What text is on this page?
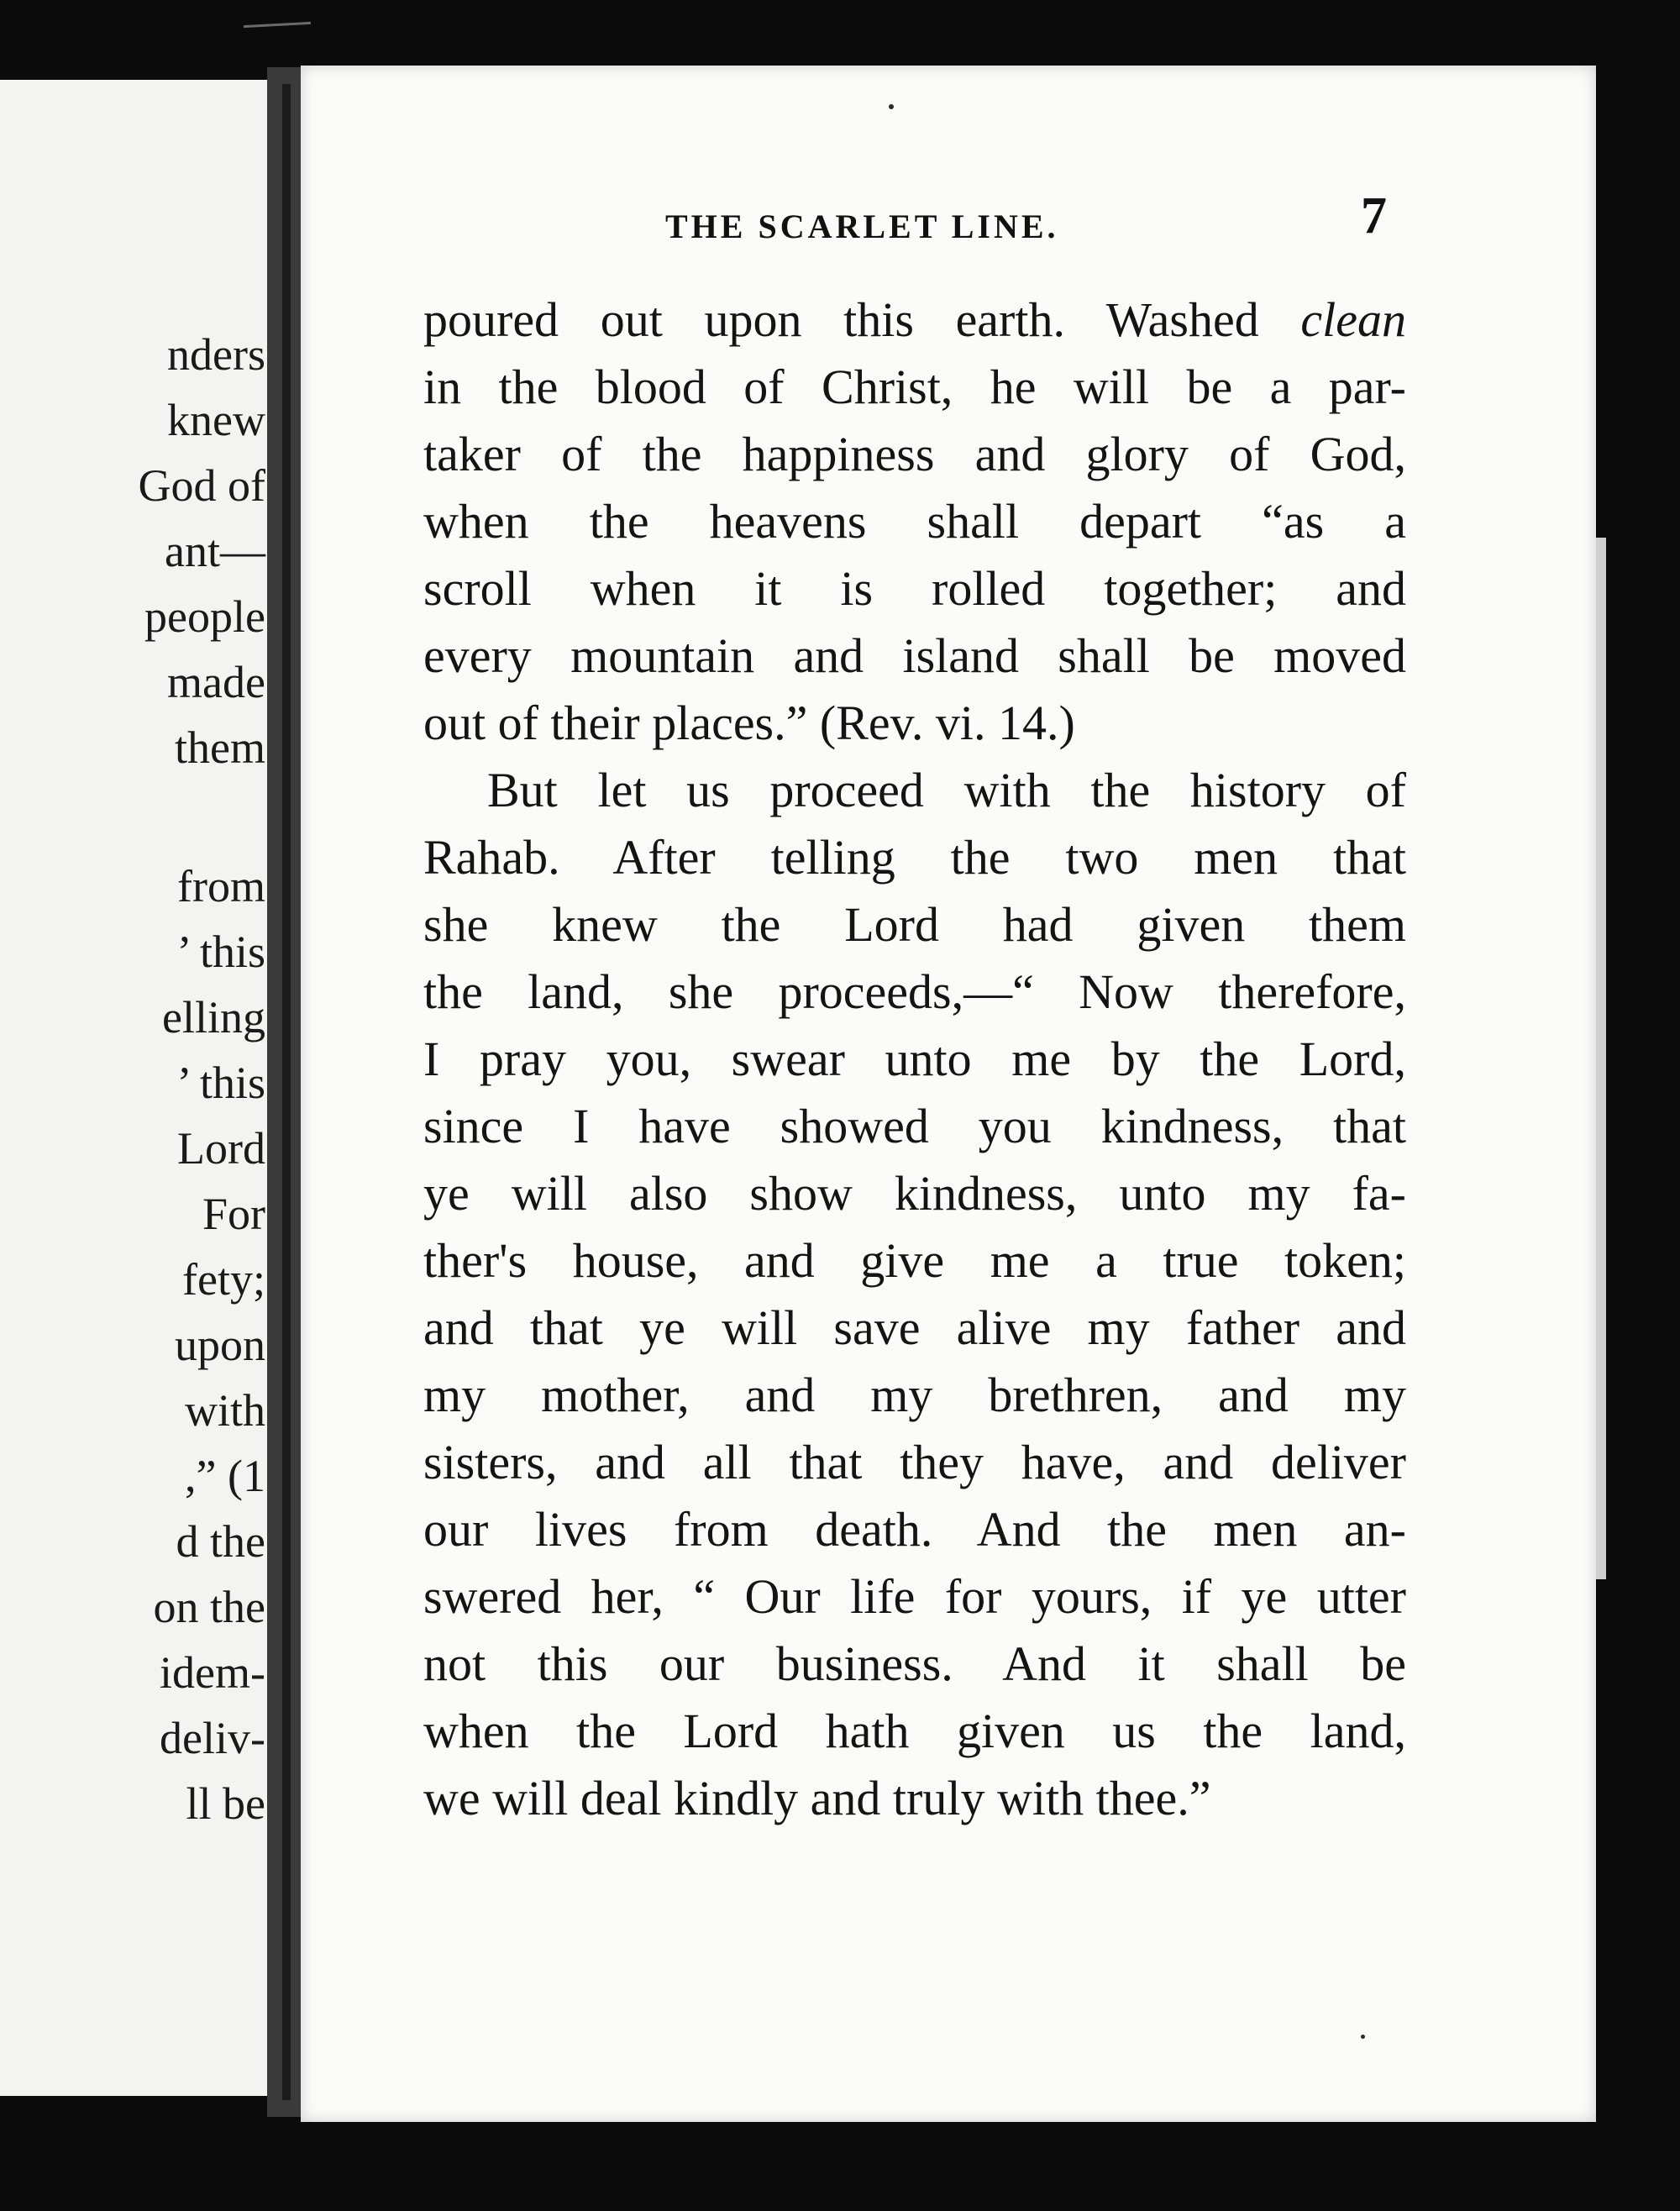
nders
knew
God of
ant—
people
made
them
from
’ this
elling
’ this
Lord
For
fety;
upon
with
,” (1
d the
on the
idem-
deliv-
ll be
THE SCARLET LINE.	7
poured out upon this earth. Washed clean
in the blood of Christ, he will be a par-
taker of the happiness and glory of God,
when the heavens shall depart “as a
scroll when it is rolled together; and
every mountain and island shall be moved
out of their places.” (Rev. vi. 14.)
But let us proceed with the history of
Rahab. After telling the two men that
she knew the Lord had given them
the land, she proceeds,—“ Now therefore,
I pray you, swear unto me by the Lord,
since I have showed you kindness, that
ye will also show kindness, unto my fa-
ther's house, and give me a true token;
and that ye will save alive my father and
my mother, and my brethren, and my
sisters, and all that they have, and deliver
our lives from death. And the men an-
swered her, “ Our life for yours, if ye utter
not this our business. And it shall be
when the Lord hath given us the land,
we will deal kindly and truly with thee.”
